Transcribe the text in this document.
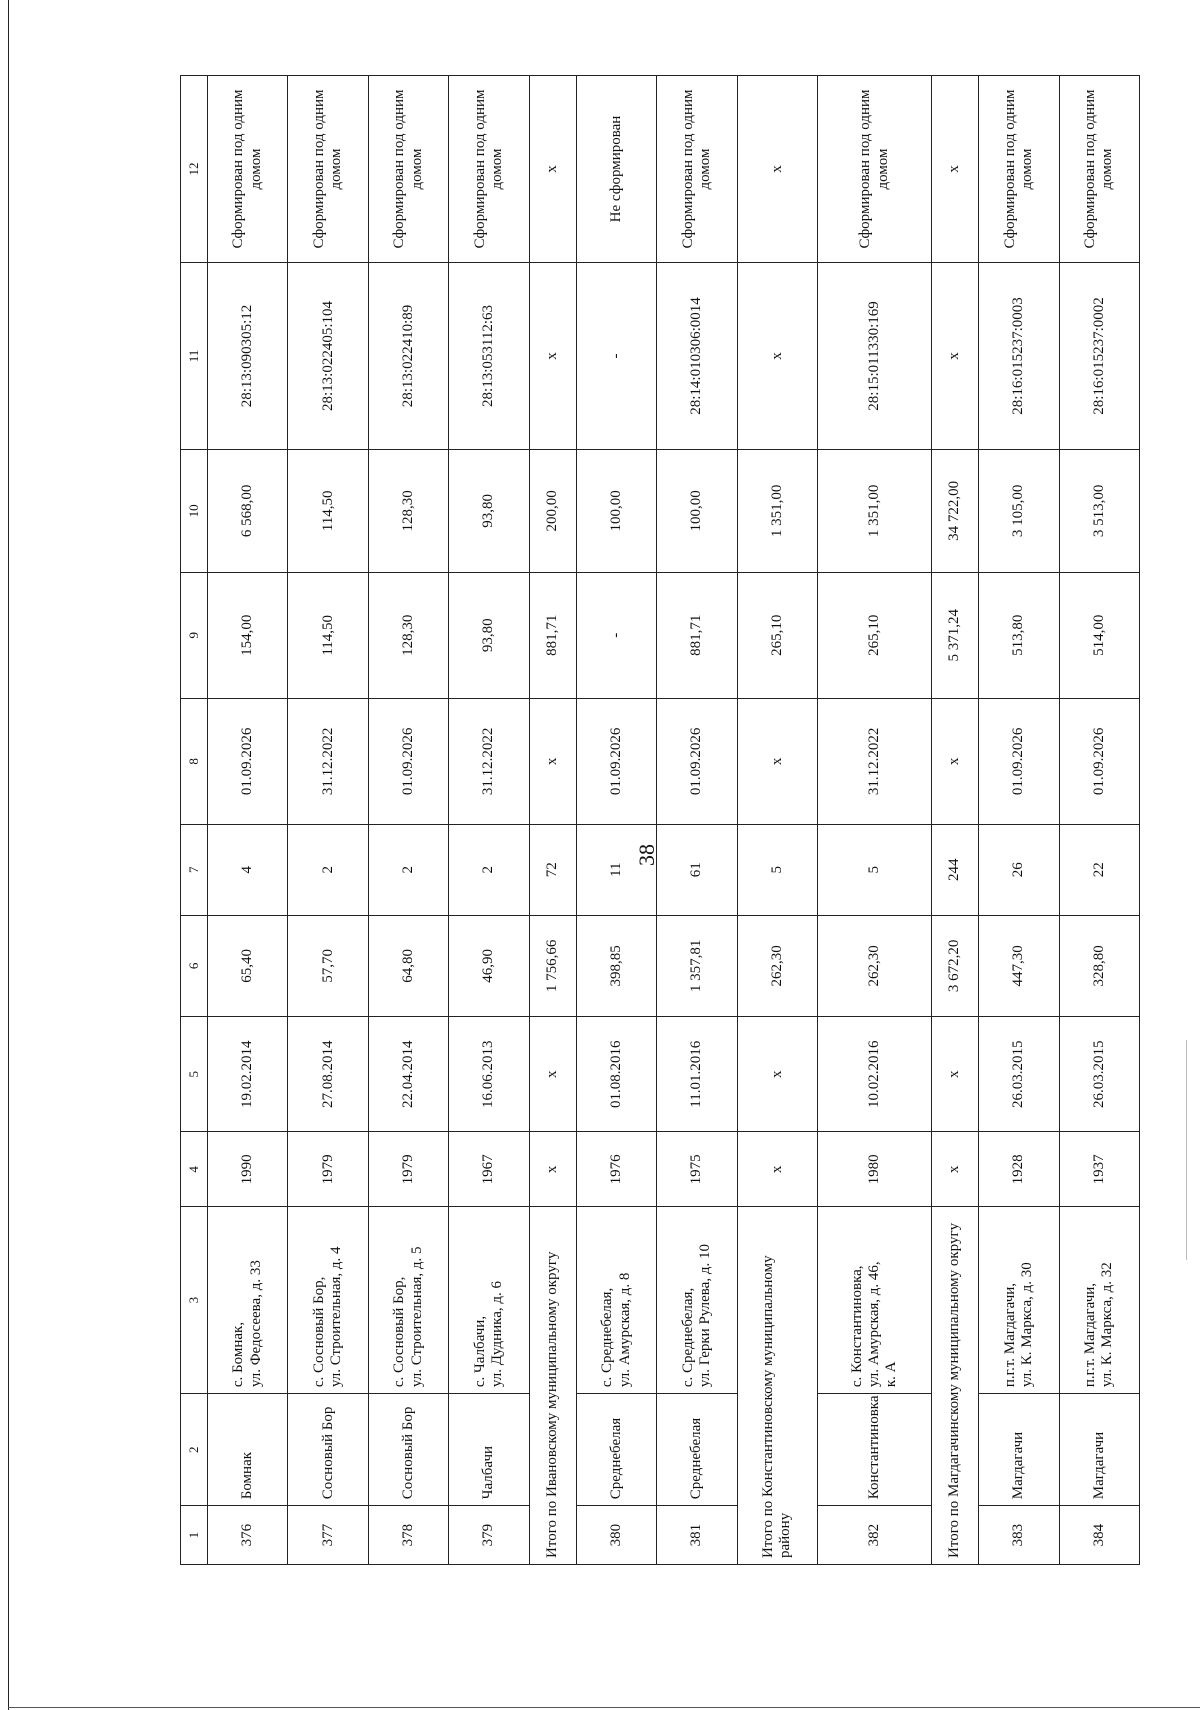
38
1	2	3	4	5	6	7	8	9	10	11	12
376	Бомнак	с. Бомнак,
ул. Федосеева, д. 33	1990	19.02.2014	65,40	4	01.09.2026	154,00	6 568,00	28:13:090305:12	Сформирован под одним домом
377	Сосновый Бор	с. Сосновый Бор,
ул. Строительная, д. 4	1979	27.08.2014	57,70	2	31.12.2022	114,50	114,50	28:13:022405:104	Сформирован под одним домом
378	Сосновый Бор	с. Сосновый Бор,
ул. Строительная, д. 5	1979	22.04.2014	64,80	2	01.09.2026	128,30	128,30	28:13:022410:89	Сформирован под одним домом
379	Чалбачи	с. Чалбачи,
ул. Дудника, д. 6	1967	16.06.2013	46,90	2	31.12.2022	93,80	93,80	28:13:053112:63	Сформирован под одним домом
Итого по Ивановскому муниципальному округу			х	х	1 756,66	72	х	881,71	200,00	х	х
380	Среднебелая	с. Среднебелая,
ул. Амурская, д. 8	1976	01.08.2016	398,85	11	01.09.2026	-	100,00	-	Не сформирован
381	Среднебелая	с. Среднебелая,
ул. Герки Рулева, д. 10	1975	11.01.2016	1 357,81	61	01.09.2026	881,71	100,00	28:14:010306:0014	Сформирован под одним домом
Итого по Константиновскому муниципальному району			х	х	262,30	5	х	265,10	1 351,00	х	х
382	Константиновка	с. Константиновка,
ул. Амурская, д. 46,
к. А	1980	10.02.2016	262,30	5	31.12.2022	265,10	1 351,00	28:15:011330:169	Сформирован под одним домом
Итого по Магдагачинскому муниципальному округу			х	х	3 672,20	244	х	5 371,24	34 722,00	х	х
383	Магдагачи	п.г.т. Магдагачи,
ул. К. Маркса, д. 30	1928	26.03.2015	447,30	26	01.09.2026	513,80	3 105,00	28:16:015237:0003	Сформирован под одним домом
384	Магдагачи	п.г.т. Магдагачи,
ул. К. Маркса, д. 32	1937	26.03.2015	328,80	22	01.09.2026	514,00	3 513,00	28:16:015237:0002	Сформирован под одним домом
